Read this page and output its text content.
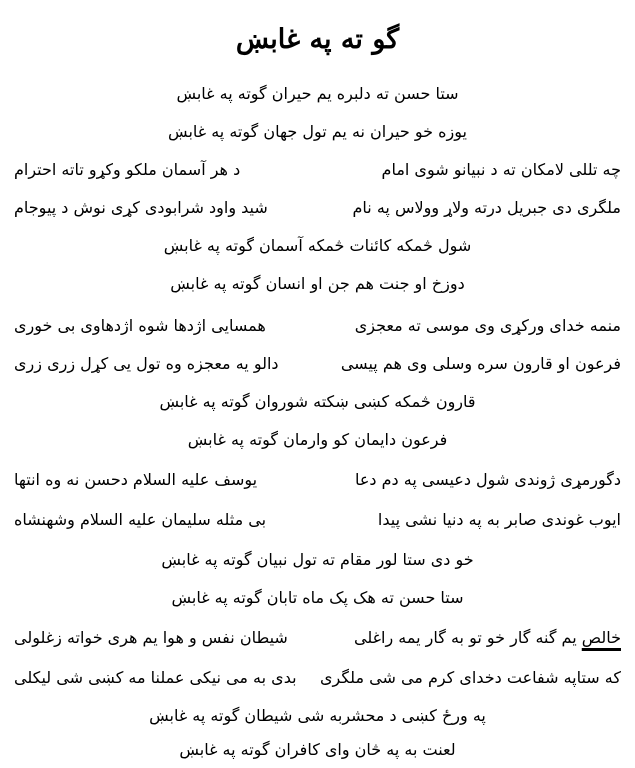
گو ته په غابښ
ستا حسن ته دلبره یم حیران گوته په غابښ
یوزه خو حیران نه یم تول جهان گوته په غابښ
چه تللی لامکان ته د نبیانو شوی امام
د هر آسمان ملکو وکړو تاته احترام
ملگری دی جبریل درته ولاړ وولاس په نام
شید واود شرابودی کړی نوش د پیوجام
شول څمکه کائنات څمکه آسمان گوته په غابښ
دوزخ او جنت هم جن او انسان گوته په غابښ
منمه خدای ورکړی وی موسی ته معجزی
همسایی اژدها شوه اژدهاوی بی خوری
فرعون او قارون سره وسلی وی هم پیسی
دالو یه معجزه وه تول یی کړل زری زری
قارون څمکه کښی ښکته شوروان گوته په غابښ
فرعون دایمان کو وارمان گوته په غابښ
دگورمړی ژوندی شول دعیسی په دم دعا
یوسف علیه السلام دحسن نه وه انتها
ایوب غوندی صابر به په دنیا نشی پیدا
بی مثله سلیمان علیه السلام وشهنشاه
خو دی ستا لور مقام ته تول نبیان گوته په غابښ
ستا حسن ته هک پک ماه تابان گوته په غابښ
خالص یم گنه گار خو تو به گار یمه راغلی
شیطان نفس و هوا یم هری خواته زغلولی
که ستاپه شفاعت دخدای کرم می شی ملگری
بدی به می نیکی عملنا مه کښی شی لیکلی
په ورځ کښی د محشربه شی شیطان گوته په غابښ
لعنت به په څان وای کافران گوته په غابښ
